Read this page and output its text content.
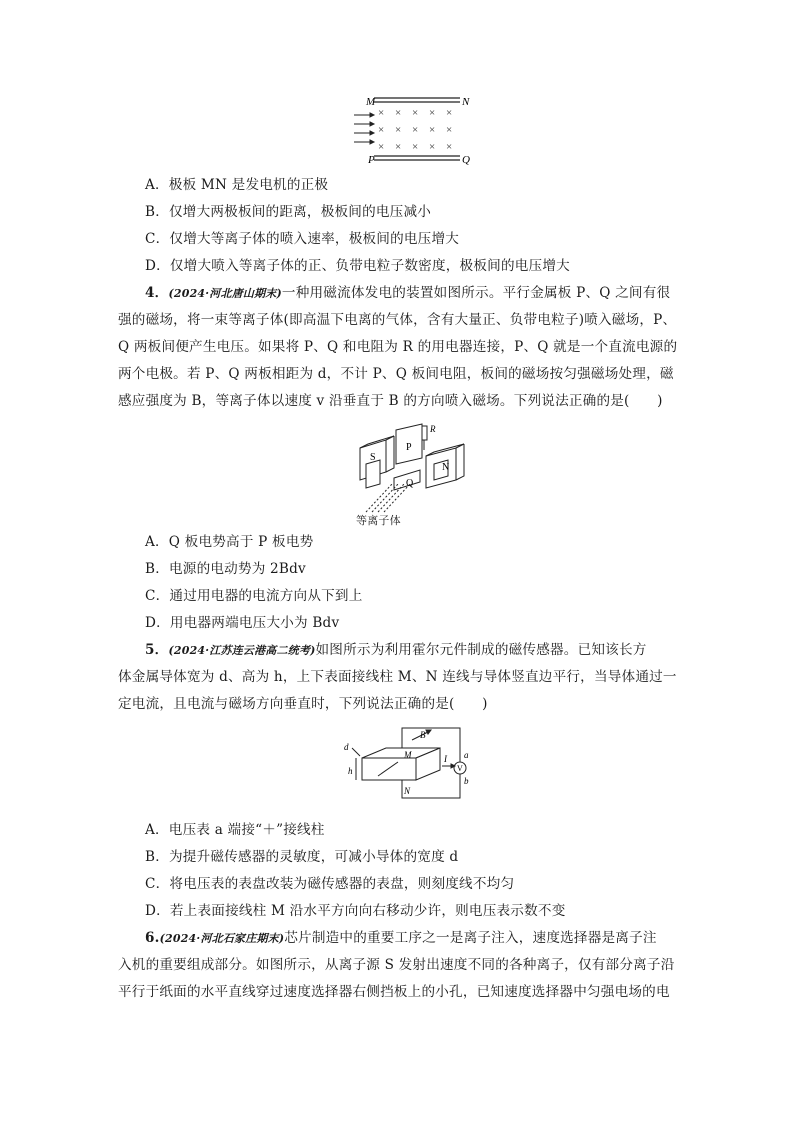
M	N
P	Q
× × × × ×
× × × × ×
× × × × ×
A．极板 MN 是发电机的正极
B．仅增大两极板间的距离，极板间的电压减小
C．仅增大等离子体的喷入速率，极板间的电压增大
D．仅增大喷入等离子体的正、负带电粒子数密度，极板间的电压增大
4．(2024·河北唐山期末)一种用磁流体发电的装置如图所示。平行金属板 P、Q 之间有很
强的磁场，将一束等离子体(即高温下电离的气体，含有大量正、负带电粒子)喷入磁场，P、
Q 两板间便产生电压。如果将 P、Q 和电阻为 R 的用电器连接，P、Q 就是一个直流电源的
两个电极。若 P、Q 两板相距为 d，不计 P、Q 板间电阻，板间的磁场按匀强磁场处理，磁
感应强度为 B，等离子体以速度 v 沿垂直于 B 的方向喷入磁场。下列说法正确的是(　　)
S
P
R
N
Q
等离子体
A．Q 板电势高于 P 板电势
B．电源的电动势为 2Bdv
C．通过用电器的电流方向从下到上
D．用电器两端电压大小为 Bdv
5．(2024·江苏连云港高二统考)如图所示为利用霍尔元件制成的磁传感器。已知该长方
体金属导体宽为 d、高为 h，上下表面接线柱 M、N 连线与导体竖直边平行，当导体通过一
定电流，且电流与磁场方向垂直时，下列说法正确的是(　　)
d
h
B
M
N
I
V
a
b
A．电压表 a 端接“＋”接线柱
B．为提升磁传感器的灵敏度，可减小导体的宽度 d
C．将电压表的表盘改装为磁传感器的表盘，则刻度线不均匀
D．若上表面接线柱 M 沿水平方向向右移动少许，则电压表示数不变
6.(2024·河北石家庄期末)芯片制造中的重要工序之一是离子注入，速度选择器是离子注
入机的重要组成部分。如图所示，从离子源 S 发射出速度不同的各种离子，仅有部分离子沿
平行于纸面的水平直线穿过速度选择器右侧挡板上的小孔，已知速度选择器中匀强电场的电
